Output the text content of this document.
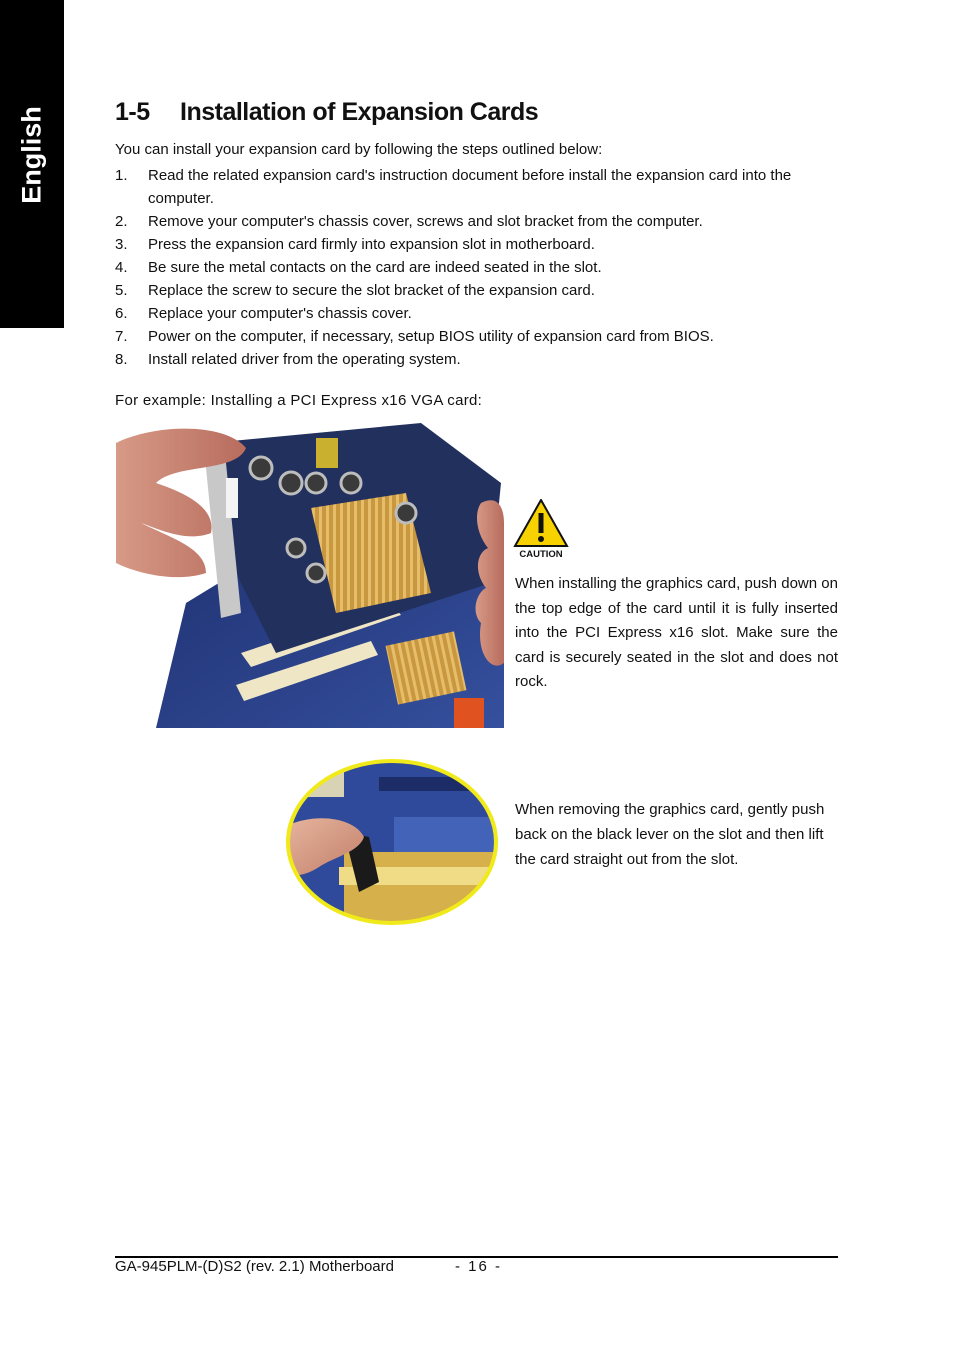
English	1-5 Installation of Expansion Cards

You can install your expansion card by following the steps outlined below:

1. Read the related expansion card's instruction document before install the expansion card into the computer.
2. Remove your computer's chassis cover, screws and slot bracket from the computer.
3. Press the expansion card firmly into expansion slot in motherboard.
4. Be sure the metal contacts on the card are indeed seated in the slot.
5. Replace the screw to secure the slot bracket of the expansion card.
6. Replace your computer's chassis cover.
7. Power on the computer, if necessary, setup BIOS utility of expansion card from BIOS.
8. Install related driver from the operating system.

For example: Installing a PCI Express x16 VGA card:

CAUTION

When installing the graphics card, push down on the top edge of the card until it is fully inserted into the PCI Express x16 slot. Make sure the card is securely seated in the slot and does not rock.

When removing the graphics card, gently push back on the black lever on the slot and then lift the card straight out from the slot.

GA-945PLM-(D)S2 (rev. 2.1) Motherboard	- 16 -
